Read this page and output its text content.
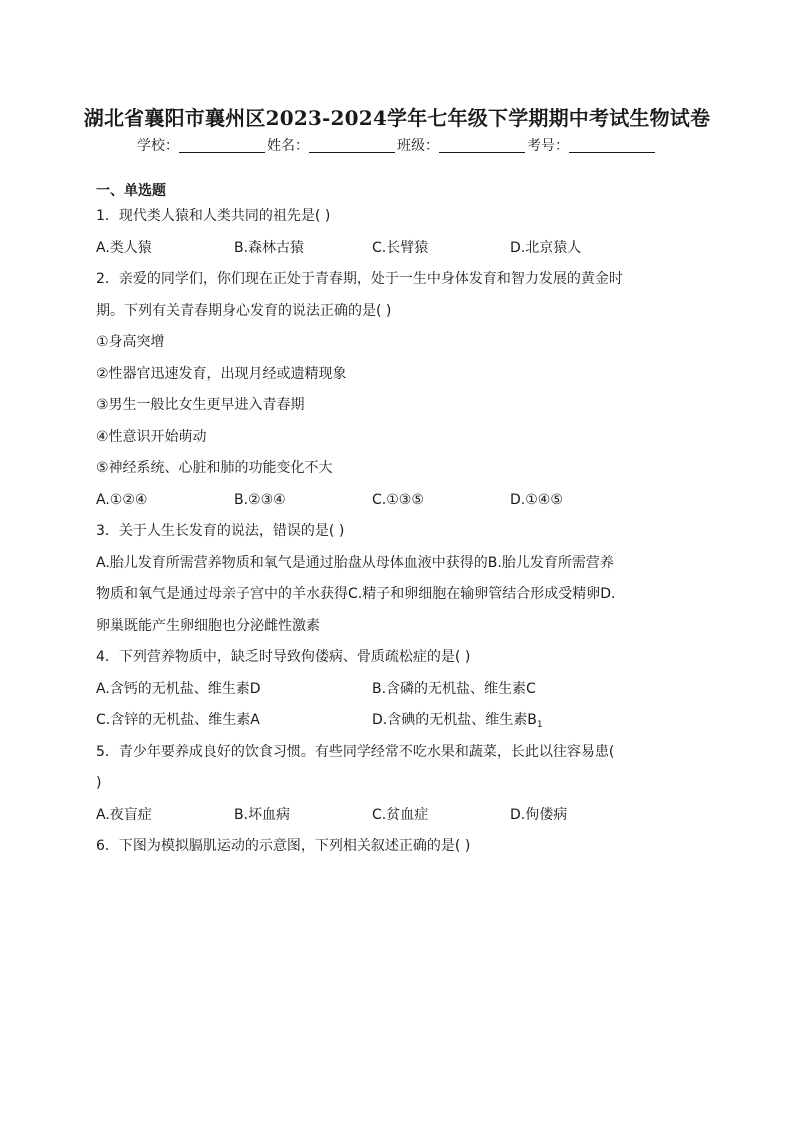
湖北省襄阳市襄州区2023-2024学年七年级下学期期中考试生物试卷
学校：	姓名：	班级：	考号：
一、单选题

1．现代类人猿和人类共同的祖先是( )

A.类人猿	B.森林古猿	C.长臂猿	D.北京猿人

2．亲爱的同学们，你们现在正处于青春期，处于一生中身体发育和智力发展的黄金时

期。下列有关青春期身心发育的说法正确的是( )

①身高突增

②性器官迅速发育，出现月经或遗精现象

③男生一般比女生更早进入青春期

④性意识开始萌动

⑤神经系统、心脏和肺的功能变化不大

A.①②④	B.②③④	C.①③⑤	D.①④⑤

3．关于人生长发育的说法，错误的是( )

A.胎儿发育所需营养物质和氧气是通过胎盘从母体血液中获得的B.胎儿发育所需营养

物质和氧气是通过母亲子宫中的羊水获得C.精子和卵细胞在输卵管结合形成受精卵D.

卵巢既能产生卵细胞也分泌雌性激素

4．下列营养物质中，缺乏时导致佝偻病、骨质疏松症的是( )

A.含钙的无机盐、维生素D	B.含磷的无机盐、维生素C
C.含锌的无机盐、维生素A	D.含碘的无机盐、维生素$B_1$

5．青少年要养成良好的饮食习惯。有些同学经常不吃水果和蔬菜，长此以往容易患(

)

A.夜盲症	B.坏血病	C.贫血症	D.佝偻病

6．下图为模拟膈肌运动的示意图，下列相关叙述正确的是( )
